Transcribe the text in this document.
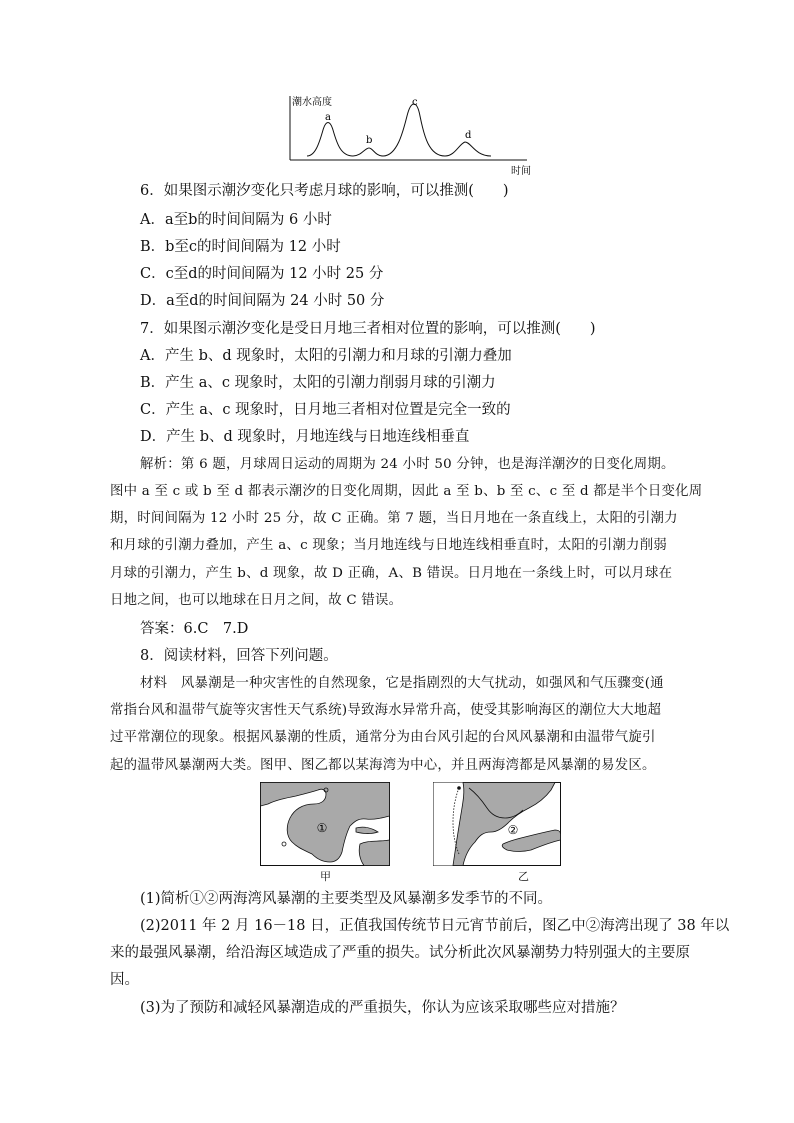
潮水高度
时间
a
b
c
d
6．如果图示潮汐变化只考虑月球的影响，可以推测(　　)
A．a至b的时间间隔为 6 小时
B．b至c的时间间隔为 12 小时
C．c至d的时间间隔为 12 小时 25 分
D．a至d的时间间隔为 24 小时 50 分
7．如果图示潮汐变化是受日月地三者相对位置的影响，可以推测(　　)
A．产生 b、d 现象时，太阳的引潮力和月球的引潮力叠加
B．产生 a、c 现象时，太阳的引潮力削弱月球的引潮力
C．产生 a、c 现象时，日月地三者相对位置是完全一致的
D．产生 b、d 现象时，月地连线与日地连线相垂直
解析：第 6 题，月球周日运动的周期为 24 小时 50 分钟，也是海洋潮汐的日变化周期。
图中 a 至 c 或 b 至 d 都表示潮汐的日变化周期，因此 a 至 b、b 至 c、c 至 d 都是半个日变化周
期，时间间隔为 12 小时 25 分，故 C 正确。第 7 题，当日月地在一条直线上，太阳的引潮力
和月球的引潮力叠加，产生 a、c 现象；当月地连线与日地连线相垂直时，太阳的引潮力削弱
月球的引潮力，产生 b、d 现象，故 D 正确，A、B 错误。日月地在一条线上时，可以月球在
日地之间，也可以地球在日月之间，故 C 错误。
答案：6.C　7.D
8．阅读材料，回答下列问题。
材料　风暴潮是一种灾害性的自然现象，它是指剧烈的大气扰动，如强风和气压骤变(通
常指台风和温带气旋等灾害性天气系统)导致海水异常升高，使受其影响海区的潮位大大地超
过平常潮位的现象。根据风暴潮的性质，通常分为由台风引起的台风风暴潮和由温带气旋引
起的温带风暴潮两大类。图甲、图乙都以某海湾为中心，并且两海湾都是风暴潮的易发区。
①
甲
②
乙
(1)简析①②两海湾风暴潮的主要类型及风暴潮多发季节的不同。
(2)2011 年 2 月 16－18 日，正值我国传统节日元宵节前后，图乙中②海湾出现了 38 年以
来的最强风暴潮，给沿海区域造成了严重的损失。试分析此次风暴潮势力特别强大的主要原
因。
(3)为了预防和减轻风暴潮造成的严重损失，你认为应该采取哪些应对措施？
